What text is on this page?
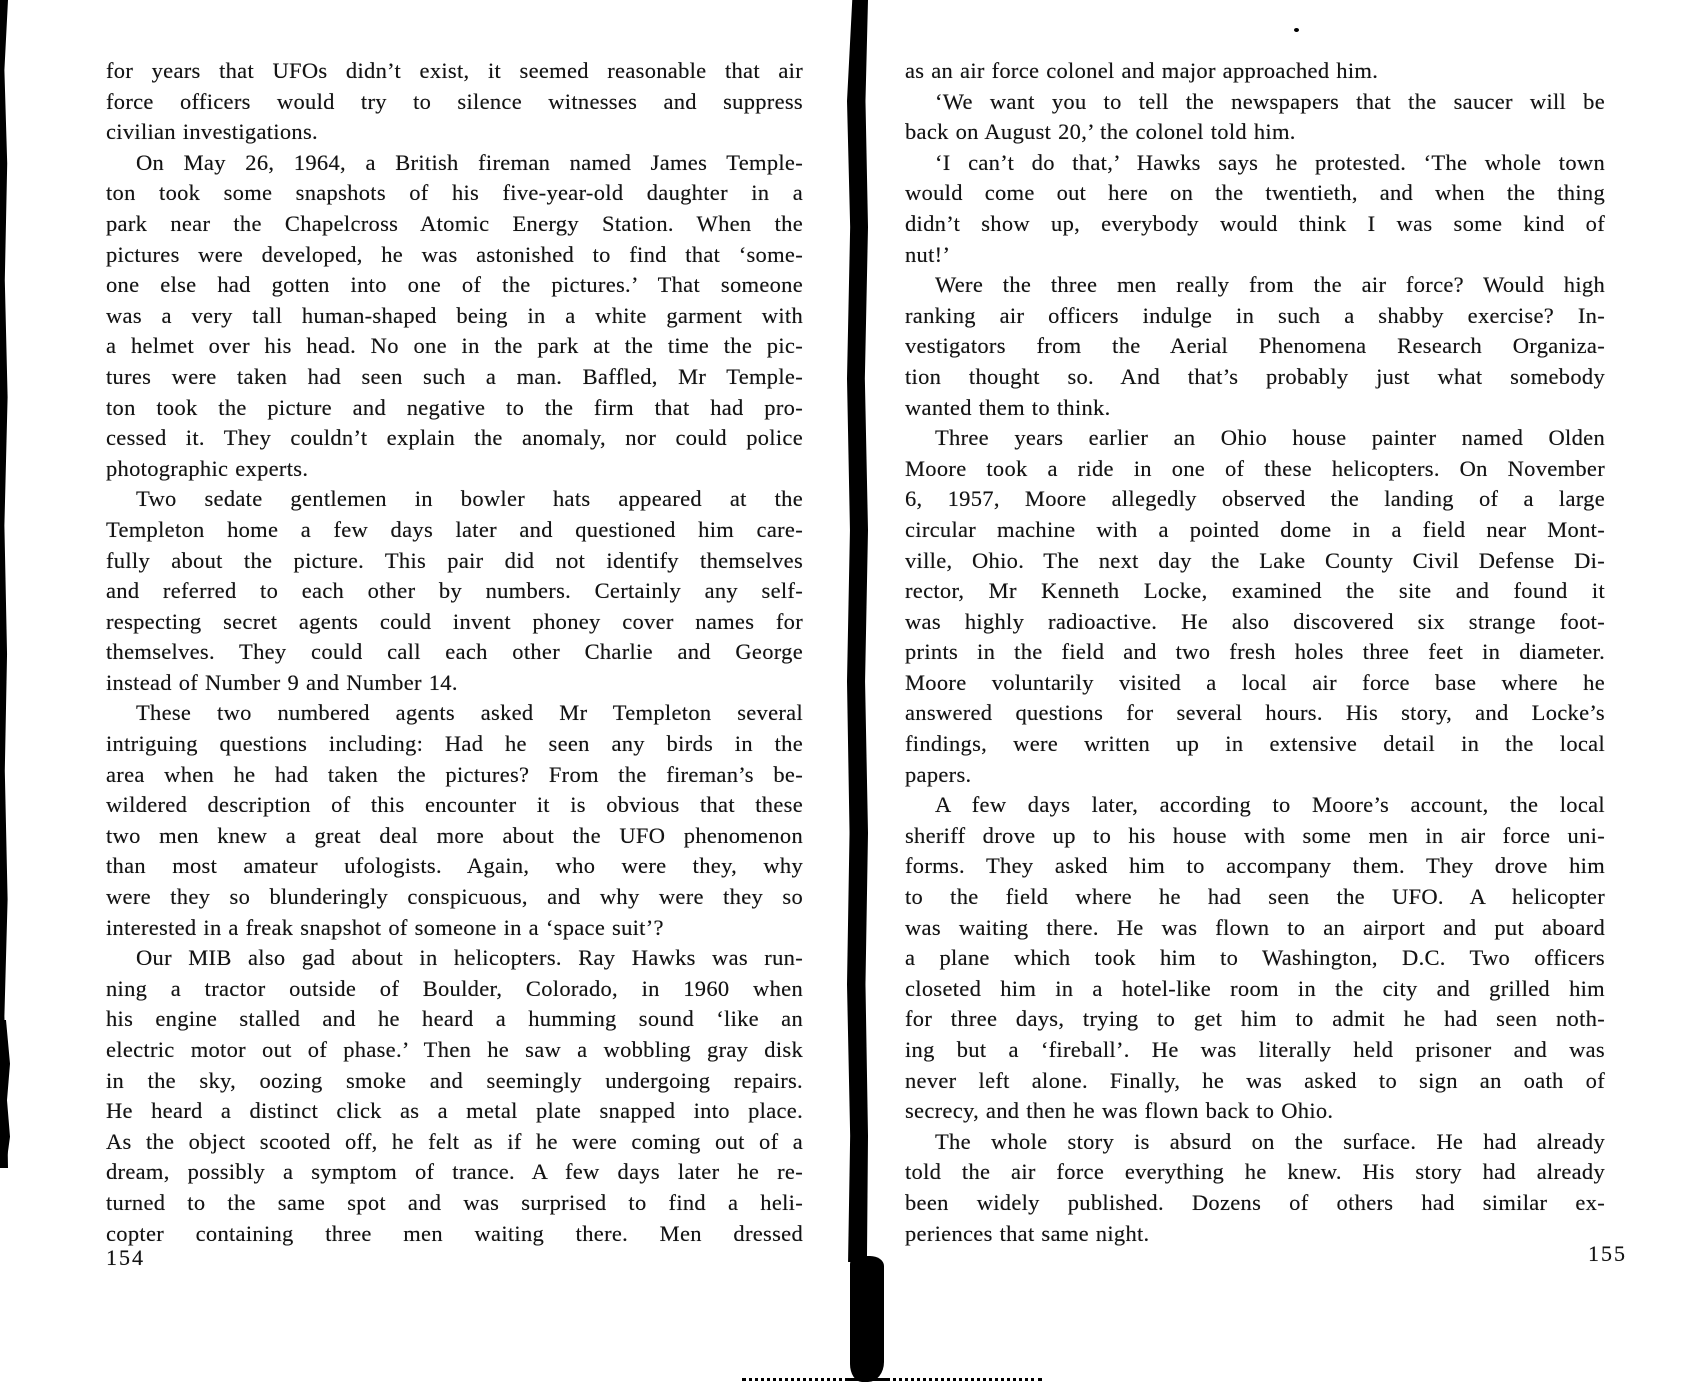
for years that UFOs didn’t exist, it seemed reasonable that air
force officers would try to silence witnesses and suppress
civilian investigations.
On May 26, 1964, a British fireman named James Temple-
ton took some snapshots of his five-year-old daughter in a
park near the Chapelcross Atomic Energy Station. When the
pictures were developed, he was astonished to find that ‘some-
one else had gotten into one of the pictures.’ That someone
was a very tall human-shaped being in a white garment with
a helmet over his head. No one in the park at the time the pic-
tures were taken had seen such a man. Baffled, Mr Temple-
ton took the picture and negative to the firm that had pro-
cessed it. They couldn’t explain the anomaly, nor could police
photographic experts.
Two sedate gentlemen in bowler hats appeared at the
Templeton home a few days later and questioned him care-
fully about the picture. This pair did not identify themselves
and referred to each other by numbers. Certainly any self-
respecting secret agents could invent phoney cover names for
themselves. They could call each other Charlie and George
instead of Number 9 and Number 14.
These two numbered agents asked Mr Templeton several
intriguing questions including: Had he seen any birds in the
area when he had taken the pictures? From the fireman’s be-
wildered description of this encounter it is obvious that these
two men knew a great deal more about the UFO phenomenon
than most amateur ufologists. Again, who were they, why
were they so blunderingly conspicuous, and why were they so
interested in a freak snapshot of someone in a ‘space suit’?
Our MIB also gad about in helicopters. Ray Hawks was run-
ning a tractor outside of Boulder, Colorado, in 1960 when
his engine stalled and he heard a humming sound ‘like an
electric motor out of phase.’ Then he saw a wobbling gray disk
in the sky, oozing smoke and seemingly undergoing repairs.
He heard a distinct click as a metal plate snapped into place.
As the object scooted off, he felt as if he were coming out of a
dream, possibly a symptom of trance. A few days later he re-
turned to the same spot and was surprised to find a heli-
copter containing three men waiting there. Men dressed
154
as an air force colonel and major approached him.
‘We want you to tell the newspapers that the saucer will be
back on August 20,’ the colonel told him.
‘I can’t do that,’ Hawks says he protested. ‘The whole town
would come out here on the twentieth, and when the thing
didn’t show up, everybody would think I was some kind of
nut!’
Were the three men really from the air force? Would high
ranking air officers indulge in such a shabby exercise? In-
vestigators from the Aerial Phenomena Research Organiza-
tion thought so. And that’s probably just what somebody
wanted them to think.
Three years earlier an Ohio house painter named Olden
Moore took a ride in one of these helicopters. On November
6, 1957, Moore allegedly observed the landing of a large
circular machine with a pointed dome in a field near Mont-
ville, Ohio. The next day the Lake County Civil Defense Di-
rector, Mr Kenneth Locke, examined the site and found it
was highly radioactive. He also discovered six strange foot-
prints in the field and two fresh holes three feet in diameter.
Moore voluntarily visited a local air force base where he
answered questions for several hours. His story, and Locke’s
findings, were written up in extensive detail in the local
papers.
A few days later, according to Moore’s account, the local
sheriff drove up to his house with some men in air force uni-
forms. They asked him to accompany them. They drove him
to the field where he had seen the UFO. A helicopter
was waiting there. He was flown to an airport and put aboard
a plane which took him to Washington, D.C. Two officers
closeted him in a hotel-like room in the city and grilled him
for three days, trying to get him to admit he had seen noth-
ing but a ‘fireball’. He was literally held prisoner and was
never left alone. Finally, he was asked to sign an oath of
secrecy, and then he was flown back to Ohio.
The whole story is absurd on the surface. He had already
told the air force everything he knew. His story had already
been widely published. Dozens of others had similar ex-
periences that same night.
155
